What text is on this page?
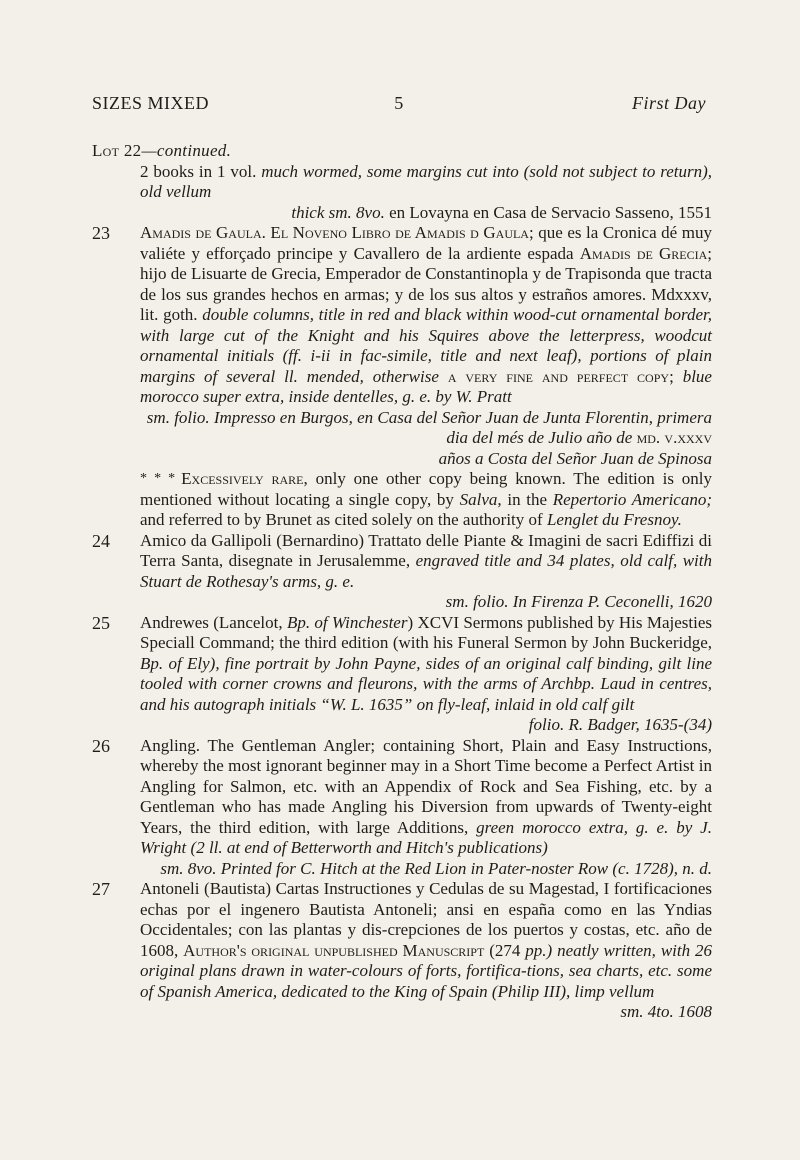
SIZES MIXED	5	First Day
Lot 22—continued.
2 books in 1 vol. much wormed, some margins cut into (sold not subject to return), old vellum

thick sm. 8vo. en Lovayna en Casa de Servacio Sasseno, 1551
23	Amadis de Gaula. El Noveno Libro de Amadis d Gaula; que es la Cronica dé muy valiéte y efforçado principe y Cavallero de la ardiente espada Amadis de Grecia; hijo de Lisuarte de Grecia, Emperador de Constantinopla y de Trapisonda que tracta de los sus grandes hechos en armas; y de los sus altos y estraños amores. Mdxxxv, lit. goth. double columns, title in red and black within wood-cut ornamental border, with large cut of the Knight and his Squires above the letterpress, woodcut ornamental initials (ff. i-ii in fac-simile, title and next leaf), portions of plain margins of several ll. mended, otherwise a very fine and perfect copy; blue morocco super extra, inside dentelles, g. e. by W. Pratt
sm. folio. Impresso en Burgos, en Casa del Señor Juan de Junta Florentin, primera dia del més de Julio año de md. v.xxxv
años a Costa del Señor Juan de Spinosa
* * * Excessively rare, only one other copy being known. The edition is only mentioned without locating a single copy, by Salva, in the Repertorio Americano; and referred to by Brunet as cited solely on the authority of Lenglet du Fresnoy.
24	Amico da Gallipoli (Bernardino) Trattato delle Piante & Imagini de sacri Ediffizi di Terra Santa, disegnate in Jerusalemme, engraved title and 34 plates, old calf, with Stuart de Rothesay's arms, g. e.
sm. folio. In Firenza P. Ceconelli, 1620
25	Andrewes (Lancelot, Bp. of Winchester) XCVI Sermons published by His Majesties Speciall Command; the third edition (with his Funeral Sermon by John Buckeridge, Bp. of Ely), fine portrait by John Payne, sides of an original calf binding, gilt line tooled with corner crowns and fleurons, with the arms of Archbp. Laud in centres, and his autograph initials “W. L. 1635” on fly-leaf, inlaid in old calf gilt
folio. R. Badger, 1635-(34)
26	Angling. The Gentleman Angler; containing Short, Plain and Easy Instructions, whereby the most ignorant beginner may in a Short Time become a Perfect Artist in Angling for Salmon, etc. with an Appendix of Rock and Sea Fishing, etc. by a Gentleman who has made Angling his Diversion from upwards of Twenty-eight Years, the third edition, with large Additions, green morocco extra, g. e. by J. Wright (2 ll. at end of Betterworth and Hitch's publications)
sm. 8vo. Printed for C. Hitch at the Red Lion in Pater-noster Row (c. 1728), n. d.
27	Antoneli (Bautista) Cartas Instructiones y Cedulas de su Magestad, I fortificaciones echas por el ingenero Bautista Antoneli; ansi en españa como en las Yndias Occidentales; con las plantas y dis-crepciones de los puertos y costas, etc. año de 1608, Author's original unpublished Manuscript (274 pp.) neatly written, with 26 original plans drawn in water-colours of forts, fortifica-tions, sea charts, etc. some of Spanish America, dedicated to the King of Spain (Philip III), limp vellum
sm. 4to. 1608
